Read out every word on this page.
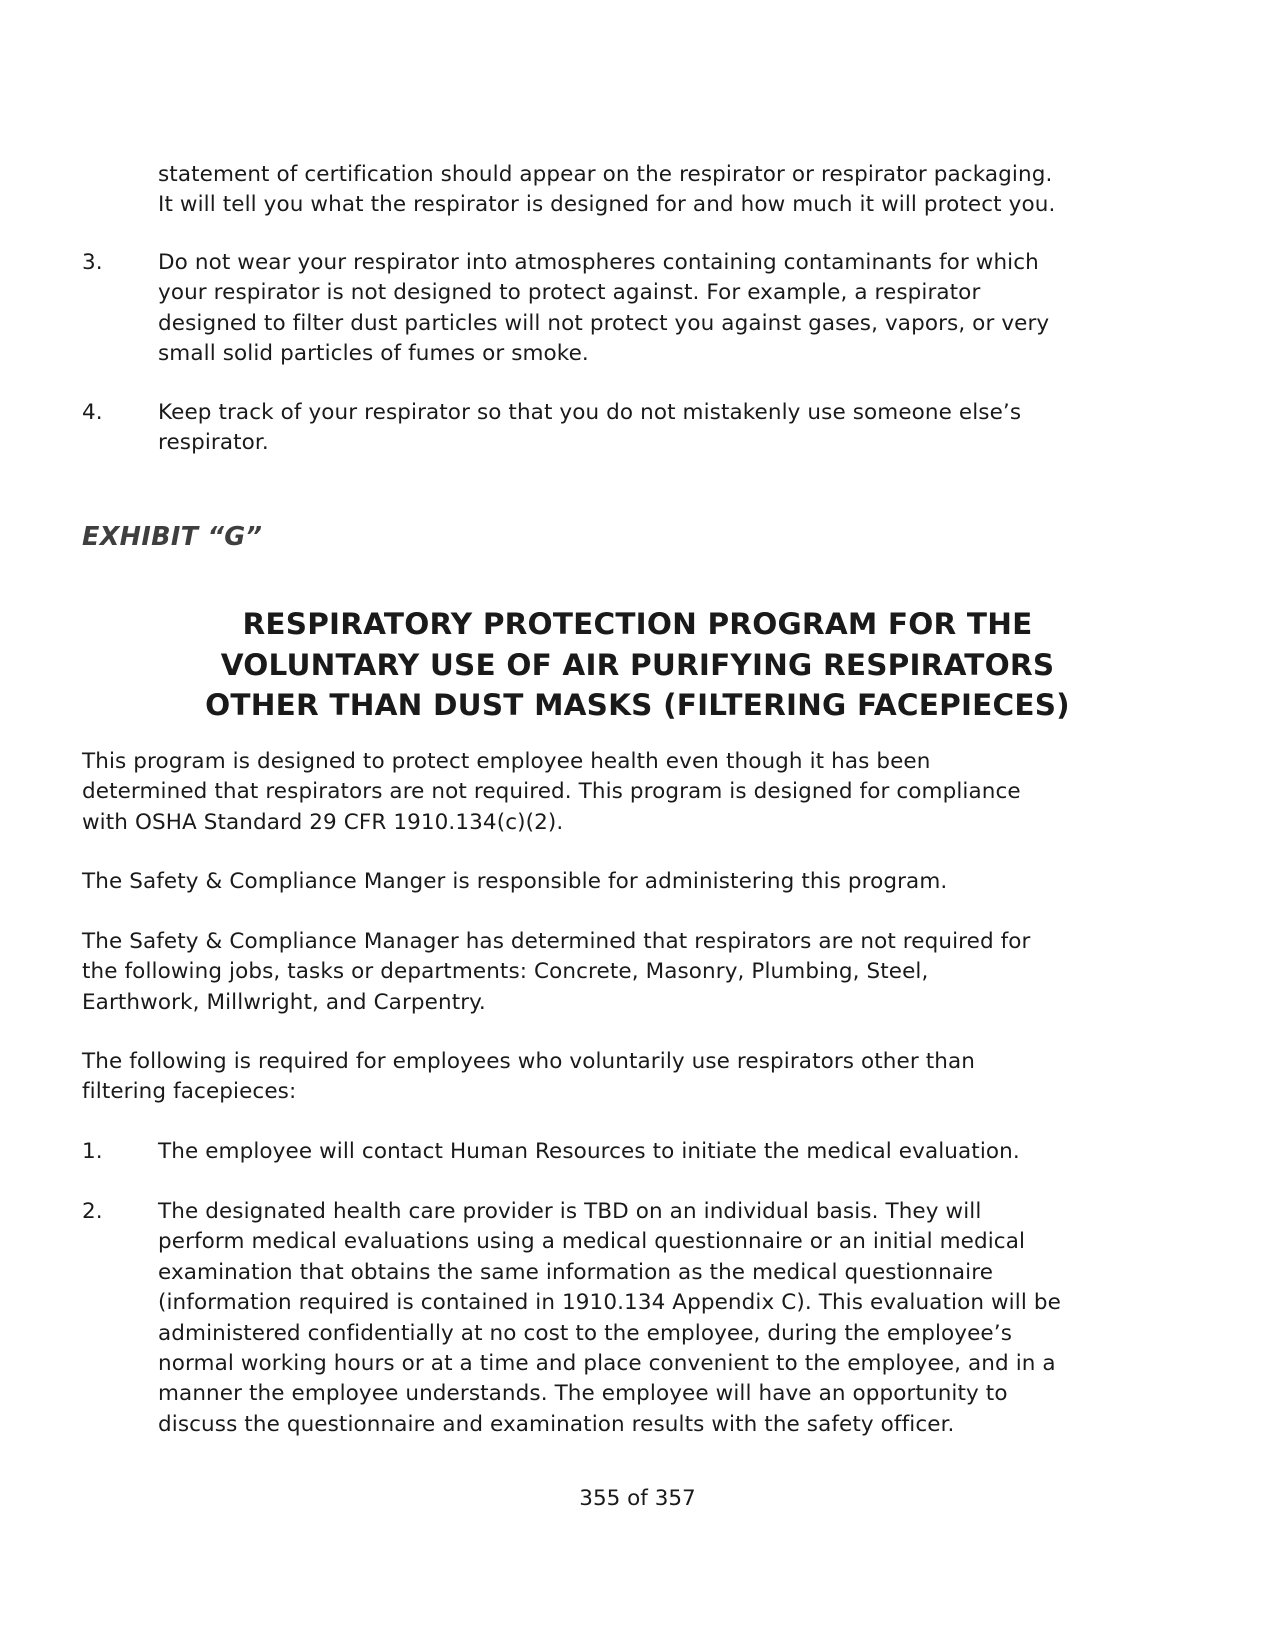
statement of certification should appear on the respirator or respirator packaging.
It will tell you what the respirator is designed for and how much it will protect you.
3.	Do not wear your respirator into atmospheres containing contaminants for which
your respirator is not designed to protect against. For example, a respirator
designed to filter dust particles will not protect you against gases, vapors, or very
small solid particles of fumes or smoke.
4.	Keep track of your respirator so that you do not mistakenly use someone else’s
respirator.
EXHIBIT “G”
RESPIRATORY PROTECTION PROGRAM FOR THE
VOLUNTARY USE OF AIR PURIFYING RESPIRATORS
OTHER THAN DUST MASKS (FILTERING FACEPIECES)
This program is designed to protect employee health even though it has been
determined that respirators are not required. This program is designed for compliance
with OSHA Standard 29 CFR 1910.134(c)(2).
The Safety & Compliance Manger is responsible for administering this program.
The Safety & Compliance Manager has determined that respirators are not required for
the following jobs, tasks or departments: Concrete, Masonry, Plumbing, Steel,
Earthwork, Millwright, and Carpentry.
The following is required for employees who voluntarily use respirators other than
filtering facepieces:
1.	The employee will contact Human Resources to initiate the medical evaluation.
2.	The designated health care provider is TBD on an individual basis. They will
perform medical evaluations using a medical questionnaire or an initial medical
examination that obtains the same information as the medical questionnaire
(information required is contained in 1910.134 Appendix C). This evaluation will be
administered confidentially at no cost to the employee, during the employee’s
normal working hours or at a time and place convenient to the employee, and in a
manner the employee understands. The employee will have an opportunity to
discuss the questionnaire and examination results with the safety officer.
355 of 357
